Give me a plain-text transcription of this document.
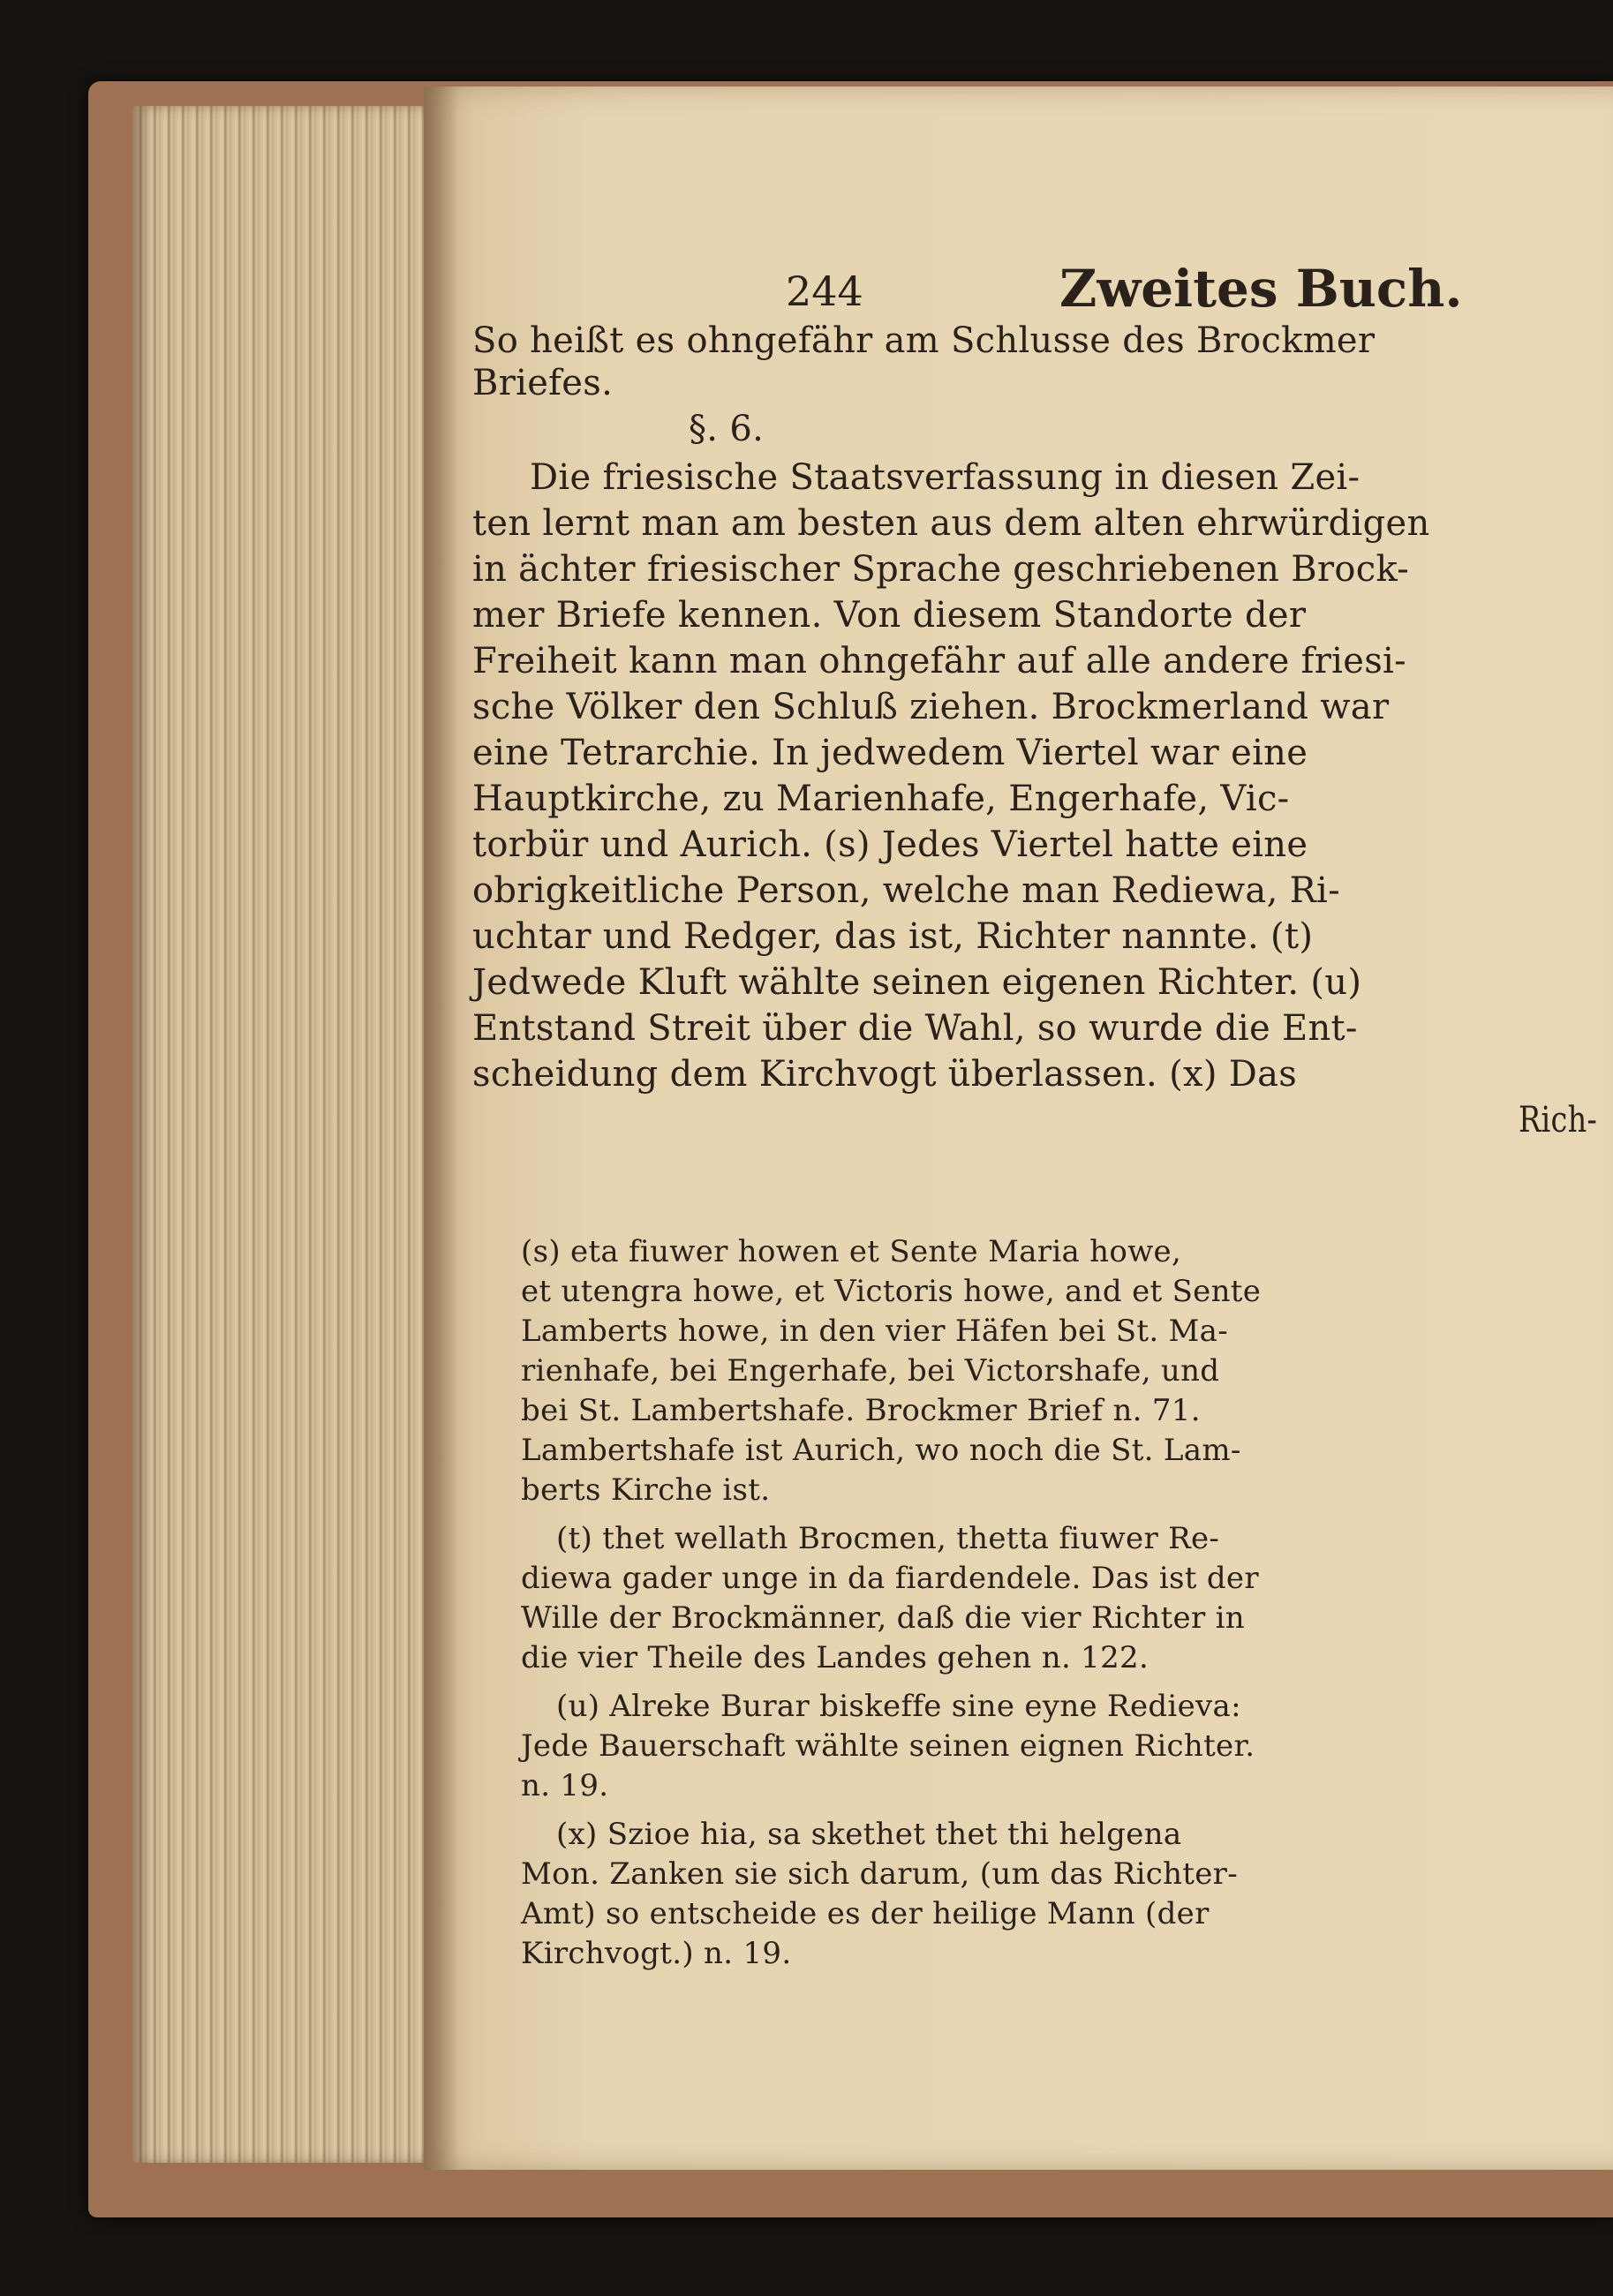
244	Zweites Buch.
So heißt es ohngefähr am Schlusse des Brockmer
Briefes.
§. 6.
Die friesische Staatsverfassung in diesen Zei-
ten lernt man am besten aus dem alten ehrwürdigen
in ächter friesischer Sprache geschriebenen Brock-
mer Briefe kennen. Von diesem Standorte der
Freiheit kann man ohngefähr auf alle andere friesi-
sche Völker den Schluß ziehen. Brockmerland war
eine Tetrarchie. In jedwedem Viertel war eine
Hauptkirche, zu Marienhafe, Engerhafe, Vic-
torbür und Aurich. (s) Jedes Viertel hatte eine
obrigkeitliche Person, welche man Rediewa, Ri-
uchtar und Redger, das ist, Richter nannte. (t)
Jedwede Kluft wählte seinen eigenen Richter. (u)
Entstand Streit über die Wahl, so wurde die Ent-
scheidung dem Kirchvogt überlassen. (x) Das
Rich-
(s) eta fiuwer howen et Sente Maria howe,
et utengra howe, et Victoris howe, and et Sente
Lamberts howe, in den vier Häfen bei St. Ma-
rienhafe, bei Engerhafe, bei Victorshafe, und
bei St. Lambertshafe. Brockmer Brief n. 71.
Lambertshafe ist Aurich, wo noch die St. Lam-
berts Kirche ist.
(t) thet wellath Brocmen, thetta fiuwer Re-
diewa gader unge in da fiardendele. Das ist der
Wille der Brockmänner, daß die vier Richter in
die vier Theile des Landes gehen n. 122.
(u) Alreke Burar biskeffe sine eyne Redieva:
Jede Bauerschaft wählte seinen eignen Richter.
n. 19.
(x) Szioe hia, sa skethet thet thi helgena
Mon. Zanken sie sich darum, (um das Richter-
Amt) so entscheide es der heilige Mann (der
Kirchvogt.) n. 19.
